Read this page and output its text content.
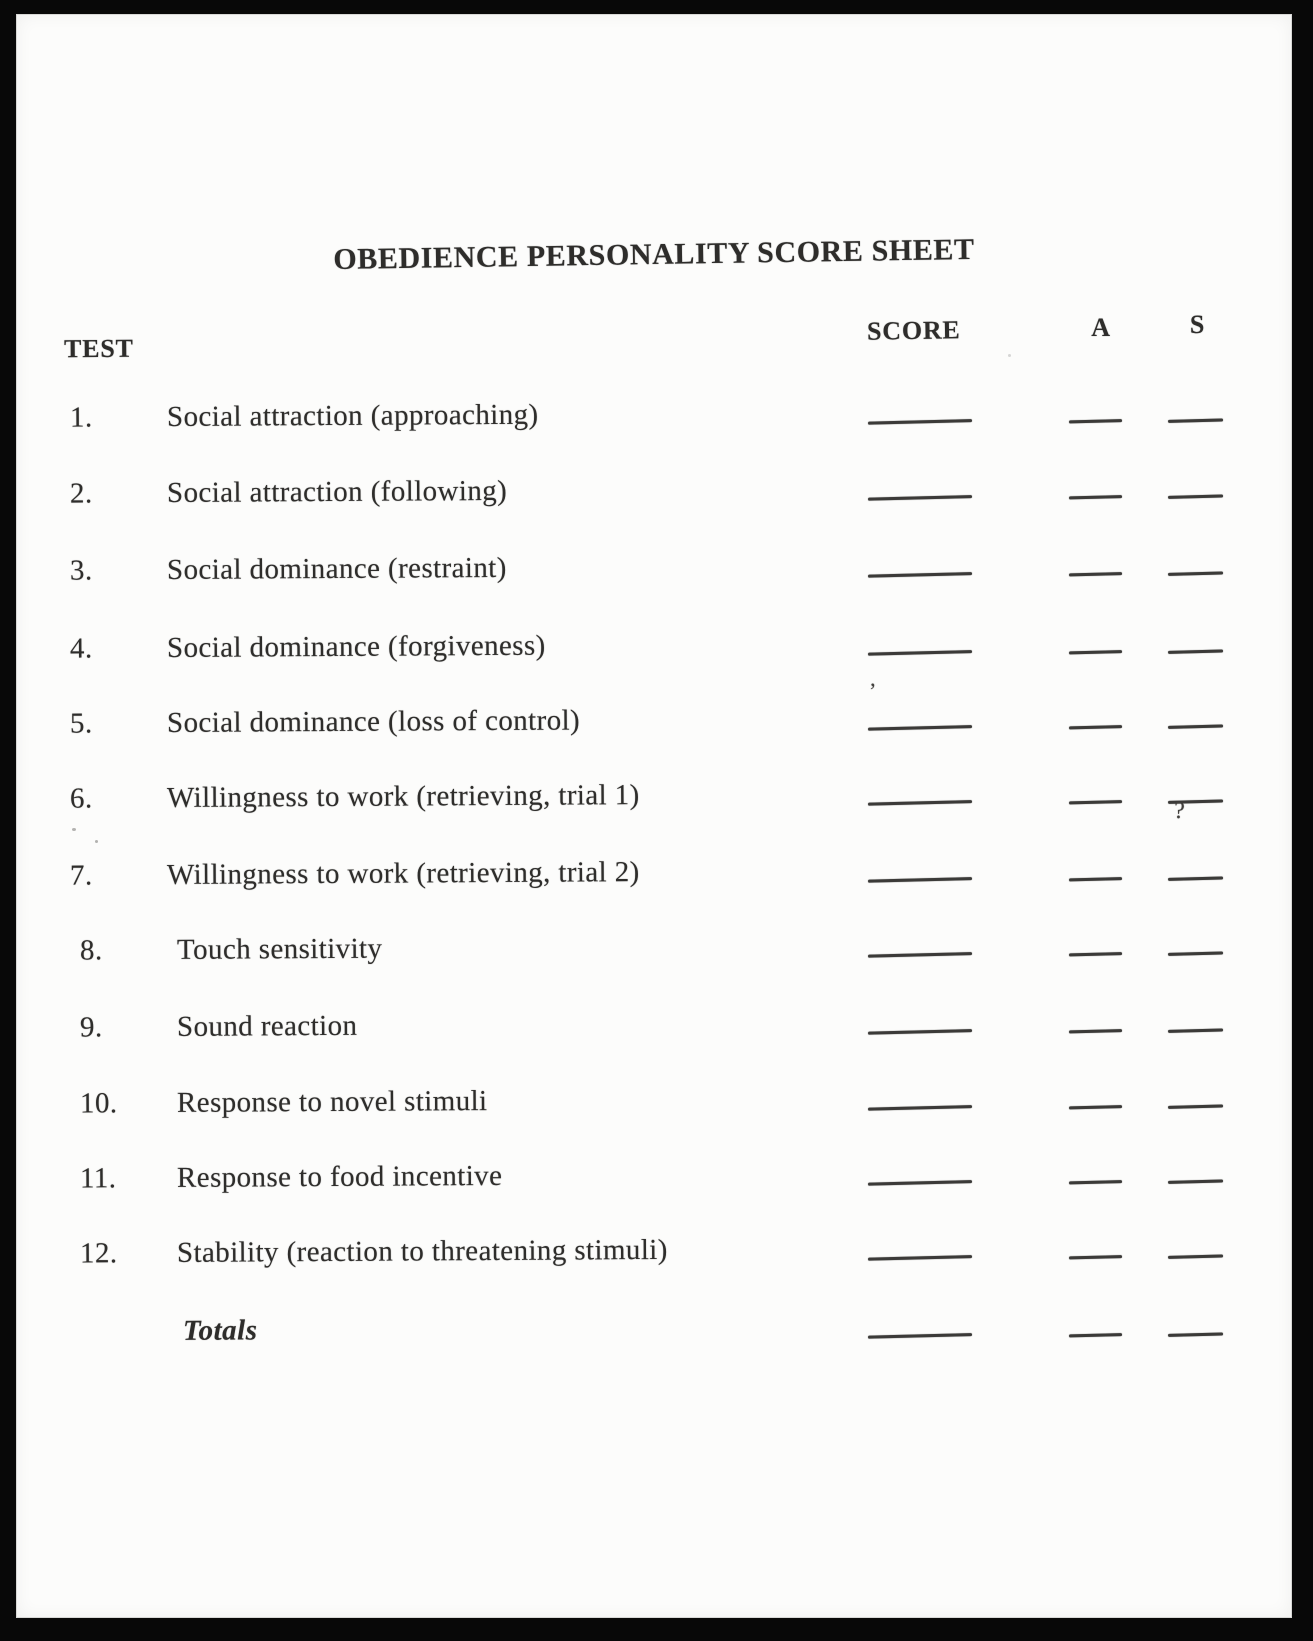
OBEDIENCE PERSONALITY SCORE SHEET
TEST
SCORE	A	S
1.	Social attraction (approaching)
2.	Social attraction (following)
3.	Social dominance (restraint)
4.	Social dominance (forgiveness)
5.	Social dominance (loss of control)
6.	Willingness to work (retrieving, trial 1)
7.	Willingness to work (retrieving, trial 2)
8.	Touch sensitivity
9.	Sound reaction
10. Response to novel stimuli
11. Response to food incentive
12. Stability (reaction to threatening stimuli)
Totals
’
?
